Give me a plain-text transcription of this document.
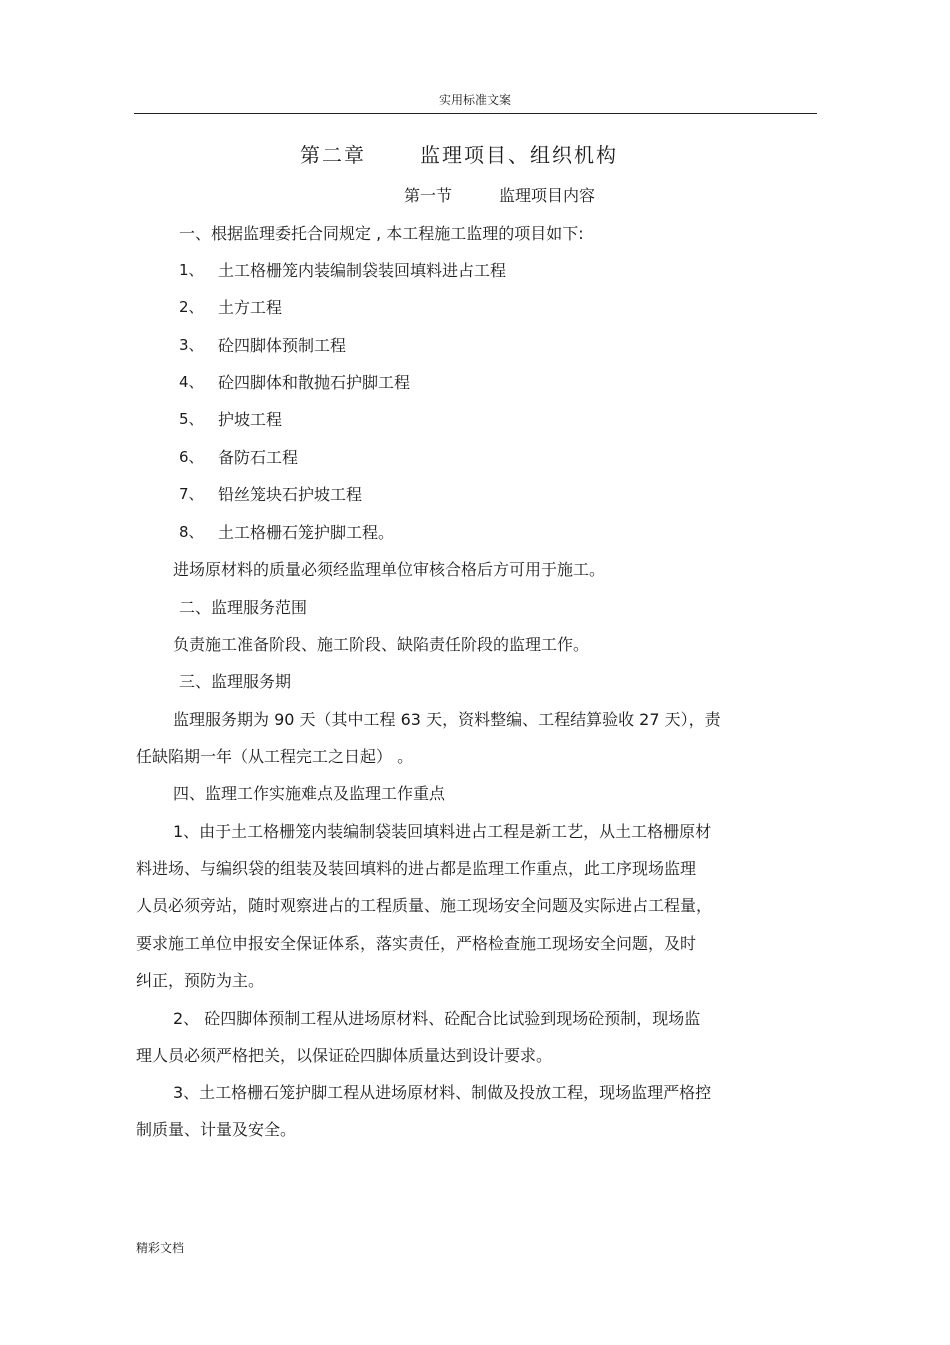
实用标准文案
第二章	监理项目、组织机构
第一节	监理项目内容
一、根据监理委托合同规定 , 本工程施工监理的项目如下:
1、 土工格栅笼内装编制袋装回填料进占工程
2、 土方工程
3、 砼四脚体预制工程
4、 砼四脚体和散抛石护脚工程
5、 护坡工程
6、 备防石工程
7、 铅丝笼块石护坡工程
8、 土工格栅石笼护脚工程。
进场原材料的质量必须经监理单位审核合格后方可用于施工。
二、监理服务范围
负责施工准备阶段、施工阶段、缺陷责任阶段的监理工作。
三、监理服务期
监理服务期为 90 天（其中工程 63 天，资料整编、工程结算验收 27 天），责
任缺陷期一年（从工程完工之日起） 。
四、监理工作实施难点及监理工作重点
1、由于土工格栅笼内装编制袋装回填料进占工程是新工艺，从土工格栅原材
料进场、与编织袋的组装及装回填料的进占都是监理工作重点，此工序现场监理
人员必须旁站，随时观察进占的工程质量、施工现场安全问题及实际进占工程量，
要求施工单位申报安全保证体系，落实责任，严格检查施工现场安全问题，及时
纠正，预防为主。
2、 砼四脚体预制工程从进场原材料、砼配合比试验到现场砼预制，现场监
理人员必须严格把关，以保证砼四脚体质量达到设计要求。
3、土工格栅石笼护脚工程从进场原材料、制做及投放工程，现场监理严格控
制质量、计量及安全。
精彩文档
